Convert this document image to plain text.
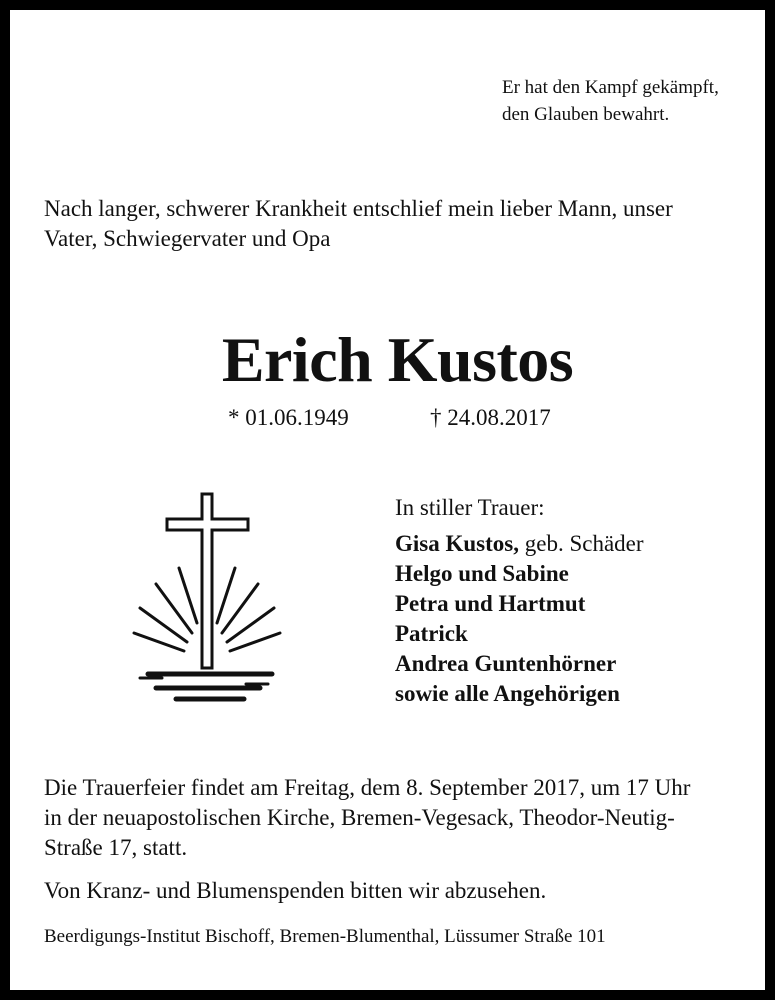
Er hat den Kampf gekämpft,
den Glauben bewahrt.
Nach langer, schwerer Krankheit entschlief mein lieber Mann, unser
Vater, Schwiegervater und Opa
Erich Kustos
* 01.06.1949	† 24.08.2017
In stiller Trauer:
Gisa Kustos, geb. Schäder
Helgo und Sabine
Petra und Hartmut
Patrick
Andrea Guntenhörner
sowie alle Angehörigen
Die Trauerfeier findet am Freitag, dem 8. September 2017, um 17 Uhr
in der neuapostolischen Kirche, Bremen-Vegesack, Theodor-Neutig-
Straße 17, statt.
Von Kranz- und Blumenspenden bitten wir abzusehen.
Beerdigungs-Institut Bischoff, Bremen-Blumenthal, Lüssumer Straße 101
